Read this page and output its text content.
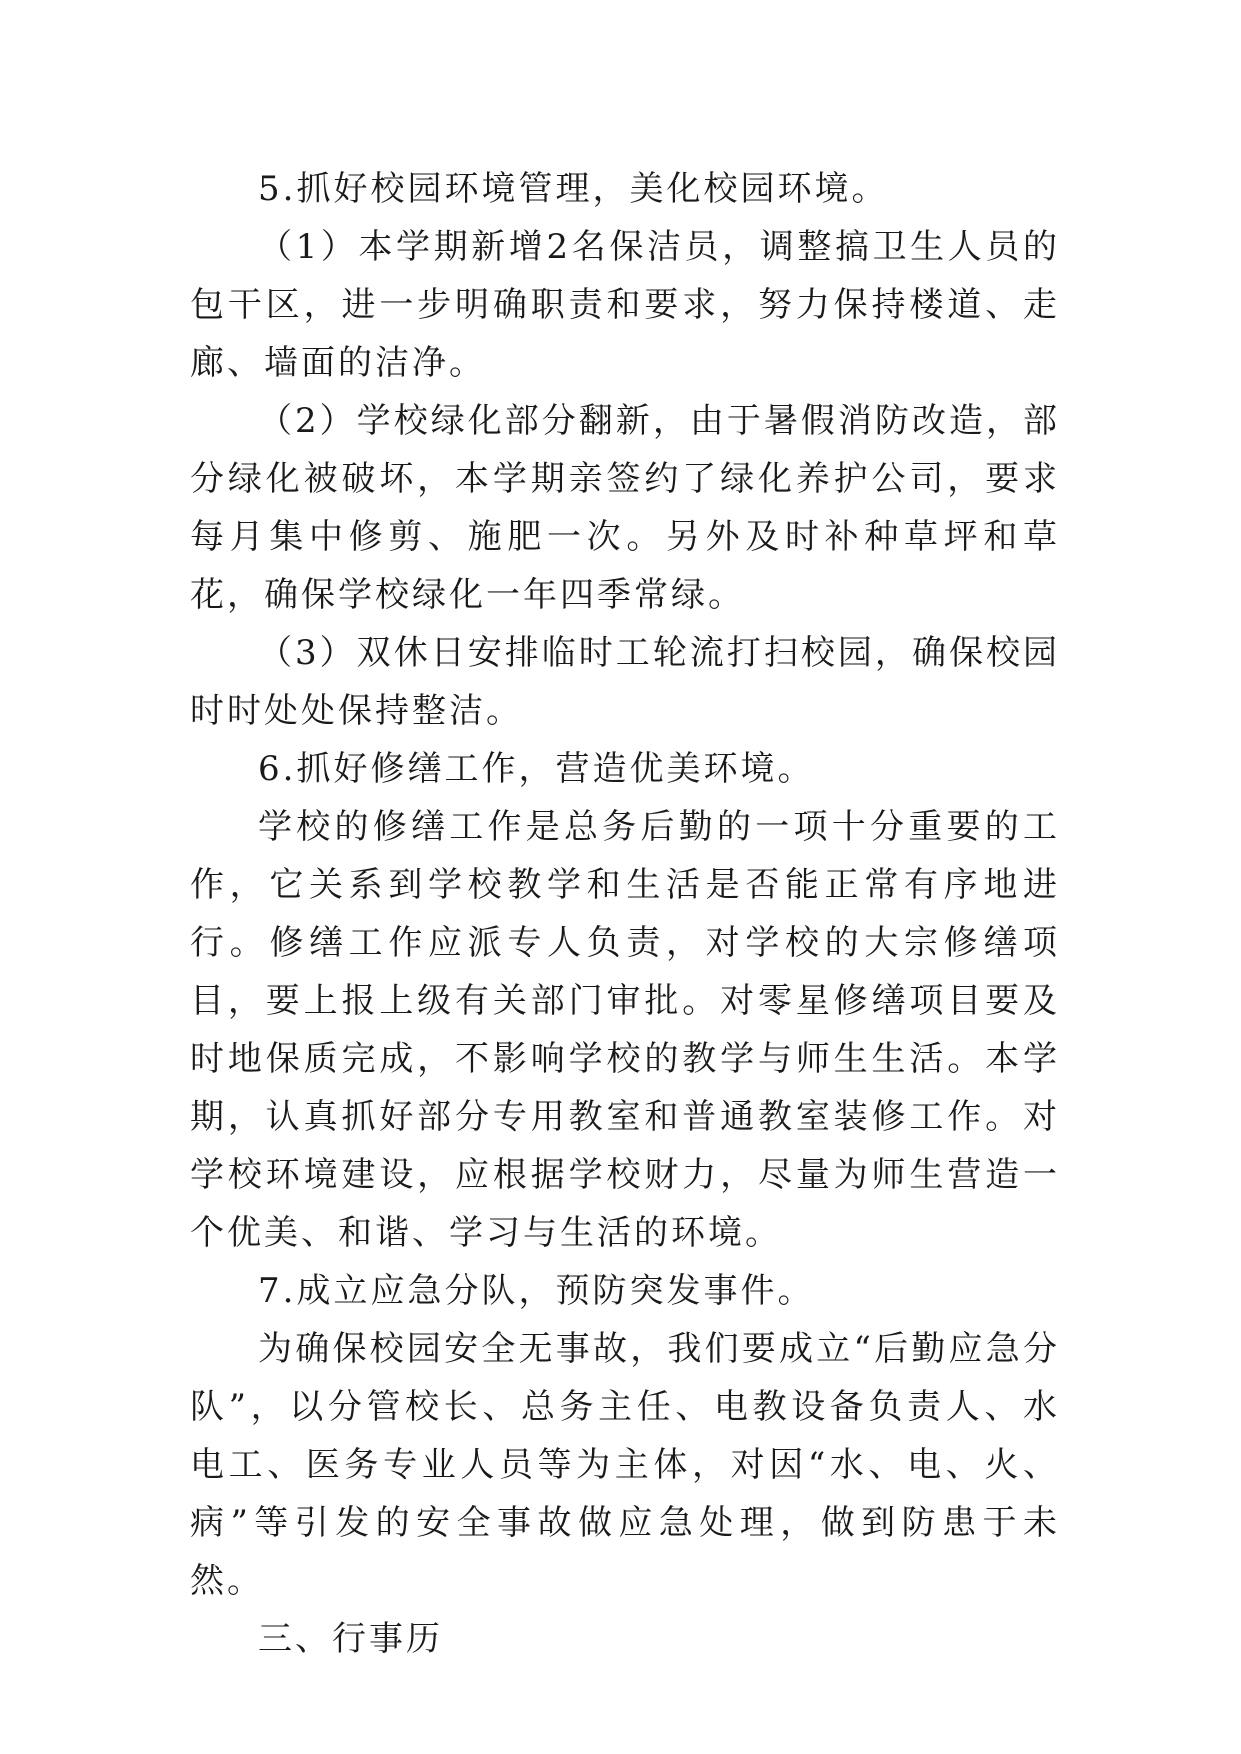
5.抓好校园环境管理，美化校园环境。

（1）本学期新增2名保洁员，调整搞卫生人员的包干区，进一步明确职责和要求，努力保持楼道、走廊、墙面的洁净。

（2）学校绿化部分翻新，由于暑假消防改造，部分绿化被破坏，本学期亲签约了绿化养护公司，要求每月集中修剪、施肥一次。另外及时补种草坪和草花，确保学校绿化一年四季常绿。

（3）双休日安排临时工轮流打扫校园，确保校园时时处处保持整洁。

6.抓好修缮工作，营造优美环境。

学校的修缮工作是总务后勤的一项十分重要的工作，它关系到学校教学和生活是否能正常有序地进行。修缮工作应派专人负责，对学校的大宗修缮项目，要上报上级有关部门审批。对零星修缮项目要及时地保质完成，不影响学校的教学与师生生活。本学期，认真抓好部分专用教室和普通教室装修工作。对学校环境建设，应根据学校财力，尽量为师生营造一个优美、和谐、学习与生活的环境。

7.成立应急分队，预防突发事件。

为确保校园安全无事故，我们要成立“后勤应急分队”，以分管校长、总务主任、电教设备负责人、水电工、医务专业人员等为主体，对因“水、电、火、病”等引发的安全事故做应急处理，做到防患于未然。

三、行事历
